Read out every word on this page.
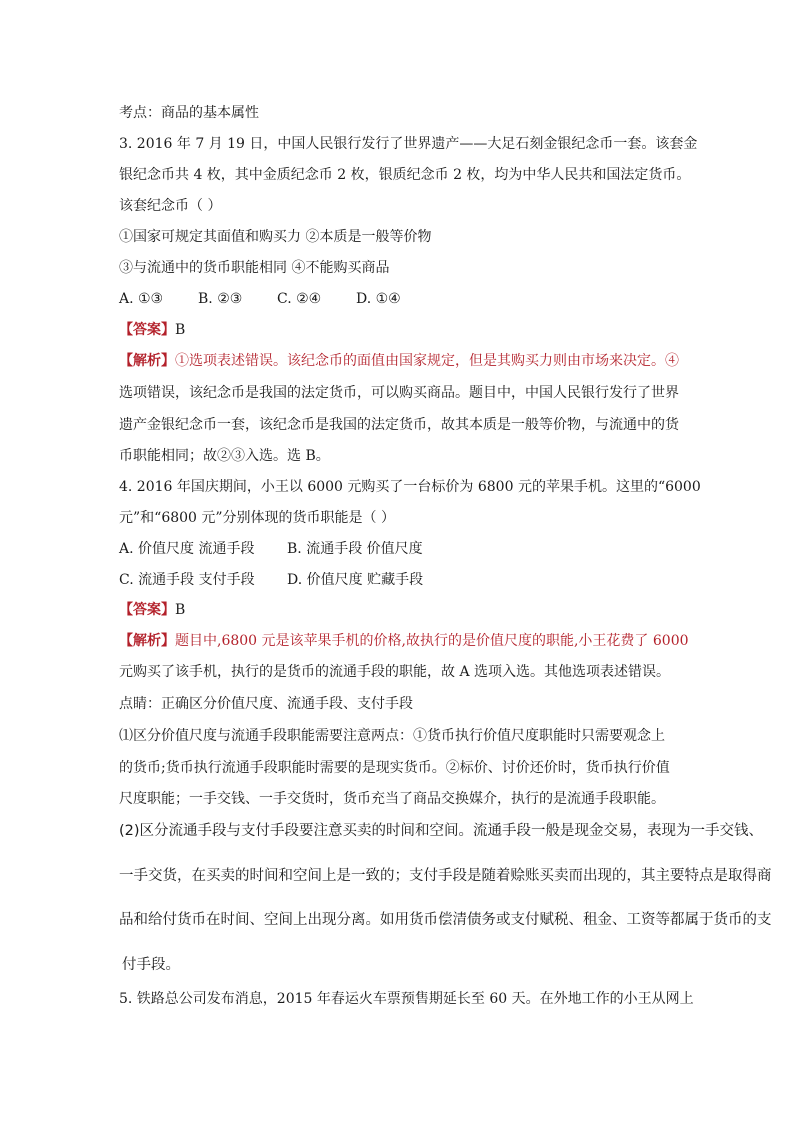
考点：商品的基本属性
3. 2016 年 7 月 19 日，中国人民银行发行了世界遗产——大足石刻金银纪念币一套。该套金
银纪念币共 4 枚，其中金质纪念币 2 枚，银质纪念币 2 枚，均为中华人民共和国法定货币。
该套纪念币（ ）
①国家可规定其面值和购买力 ②本质是一般等价物
③与流通中的货币职能相同 ④不能购买商品
A. ①③ B. ②③ C. ②④ D. ①④
【答案】B
【解析】①选项表述错误。该纪念币的面值由国家规定，但是其购买力则由市场来决定。④
选项错误，该纪念币是我国的法定货币，可以购买商品。题目中，中国人民银行发行了世界
遗产金银纪念币一套，该纪念币是我国的法定货币，故其本质是一般等价物，与流通中的货
币职能相同；故②③入选。选 B。
4. 2016 年国庆期间，小王以 6000 元购买了一台标价为 6800 元的苹果手机。这里的“6000
元”和“6800 元”分别体现的货币职能是（ ）
A. 价值尺度 流通手段 B. 流通手段 价值尺度
C. 流通手段 支付手段 D. 价值尺度 贮藏手段
【答案】B
【解析】题目中,6800 元是该苹果手机的价格,故执行的是价值尺度的职能,小王花费了 6000
元购买了该手机，执行的是货币的流通手段的职能，故 A 选项入选。其他选项表述错误。
点睛：正确区分价值尺度、流通手段、支付手段
⑴区分价值尺度与流通手段职能需要注意两点：①货币执行价值尺度职能时只需要观念上
的货币;货币执行流通手段职能时需要的是现实货币。②标价、讨价还价时，货币执行价值
尺度职能；一手交钱、一手交货时，货币充当了商品交换媒介，执行的是流通手段职能。
(2)区分流通手段与支付手段要注意买卖的时间和空间。流通手段一般是现金交易，表现为一手交钱、
一手交货，在买卖的时间和空间上是一致的；支付手段是随着赊账买卖而出现的，其主要特点是取得商
品和给付货币在时间、空间上出现分离。如用货币偿清债务或支付赋税、租金、工资等都属于货币的支
付手段。
5. 铁路总公司发布消息，2015 年春运火车票预售期延长至 60 天。在外地工作的小王从网上
